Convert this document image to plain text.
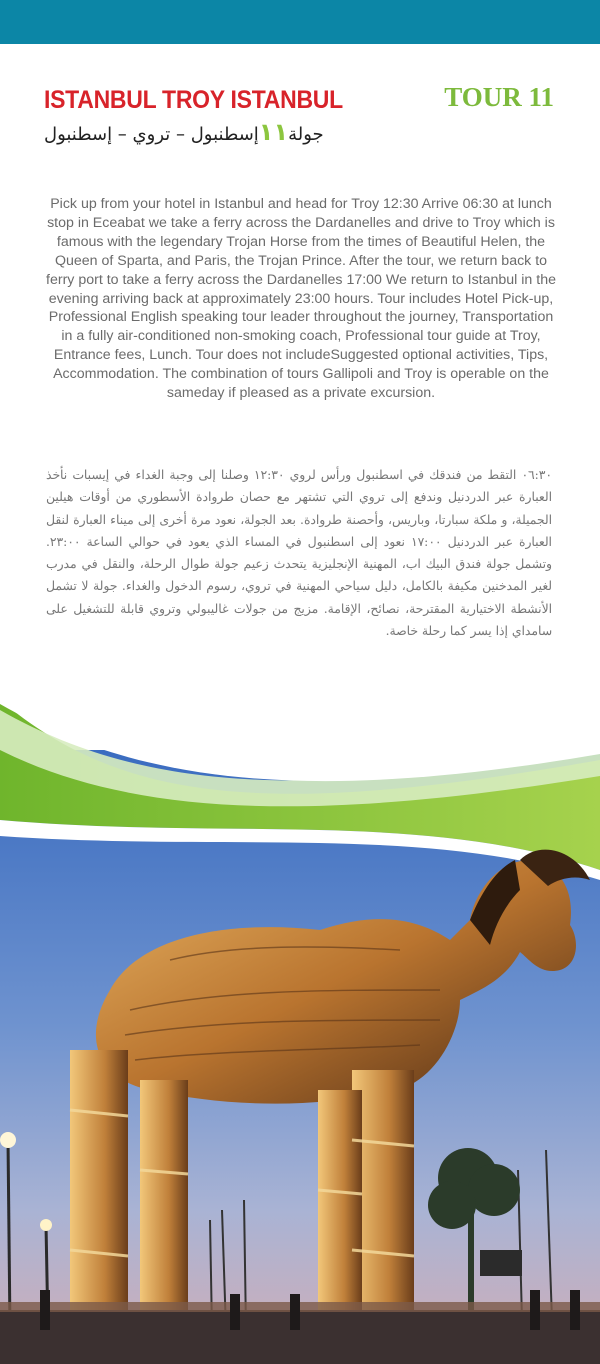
ISTANBUL TROY ISTANBUL
جولة١١إسطنبول – تروي – إسطنبول
TOUR 11

Pick up from your hotel in Istanbul and head for Troy 12:30 Arrive 06:30 at lunch stop in Eceabat we take a ferry across the Dardanelles and drive to Troy which is famous with the legendary Trojan Horse from the times of Beautiful Helen, the Queen of Sparta, and Paris, the Trojan Prince. After the tour, we return back to ferry port to take a ferry across the Dardanelles 17:00 We return to Istanbul in the evening arriving back at approximately 23:00 hours. Tour includes Hotel Pick-up, Professional English speaking tour leader throughout the journey, Transportation in a fully air-conditioned non-smoking coach, Professional tour guide at Troy, Entrance fees, Lunch. Tour does not includeSuggested optional activities, Tips, Accommodation. The combination of tours Gallipoli and Troy is operable on the sameday if pleased as a private excursion.

٠٦:٣٠ التقط من فندقك في اسطنبول ورأس لروي ١٢:٣٠ وصلنا إلى وجبة الغداء في إيسبات نأخذ العبارة عبر الدردنيل وندفع إلى تروي التي تشتهر مع حصان طروادة الأسطوري من أوقات هيلين الجميلة، و ملكة سبارتا، وباريس، وأحصنة طروادة. بعد الجولة، نعود مرة أخرى إلى ميناء العبارة لنقل العبارة عبر الدردنيل ١٧:٠٠ نعود إلى اسطنبول في المساء الذي يعود في حوالي الساعة ٢٣:٠٠. وتشمل جولة فندق البيك اب، المهنية الإنجليزية يتحدث زعيم جولة طوال الرحلة، والنقل في مدرب لغير المدخنين مكيفة بالكامل، دليل سياحي المهنية في تروي، رسوم الدخول والغداء. جولة لا تشمل الأنشطة الاختيارية المقترحة، نصائح، الإقامة. مزيج من جولات غاليبولي وتروي قابلة للتشغيل على سامداي إذا يسر كما رحلة خاصة.
